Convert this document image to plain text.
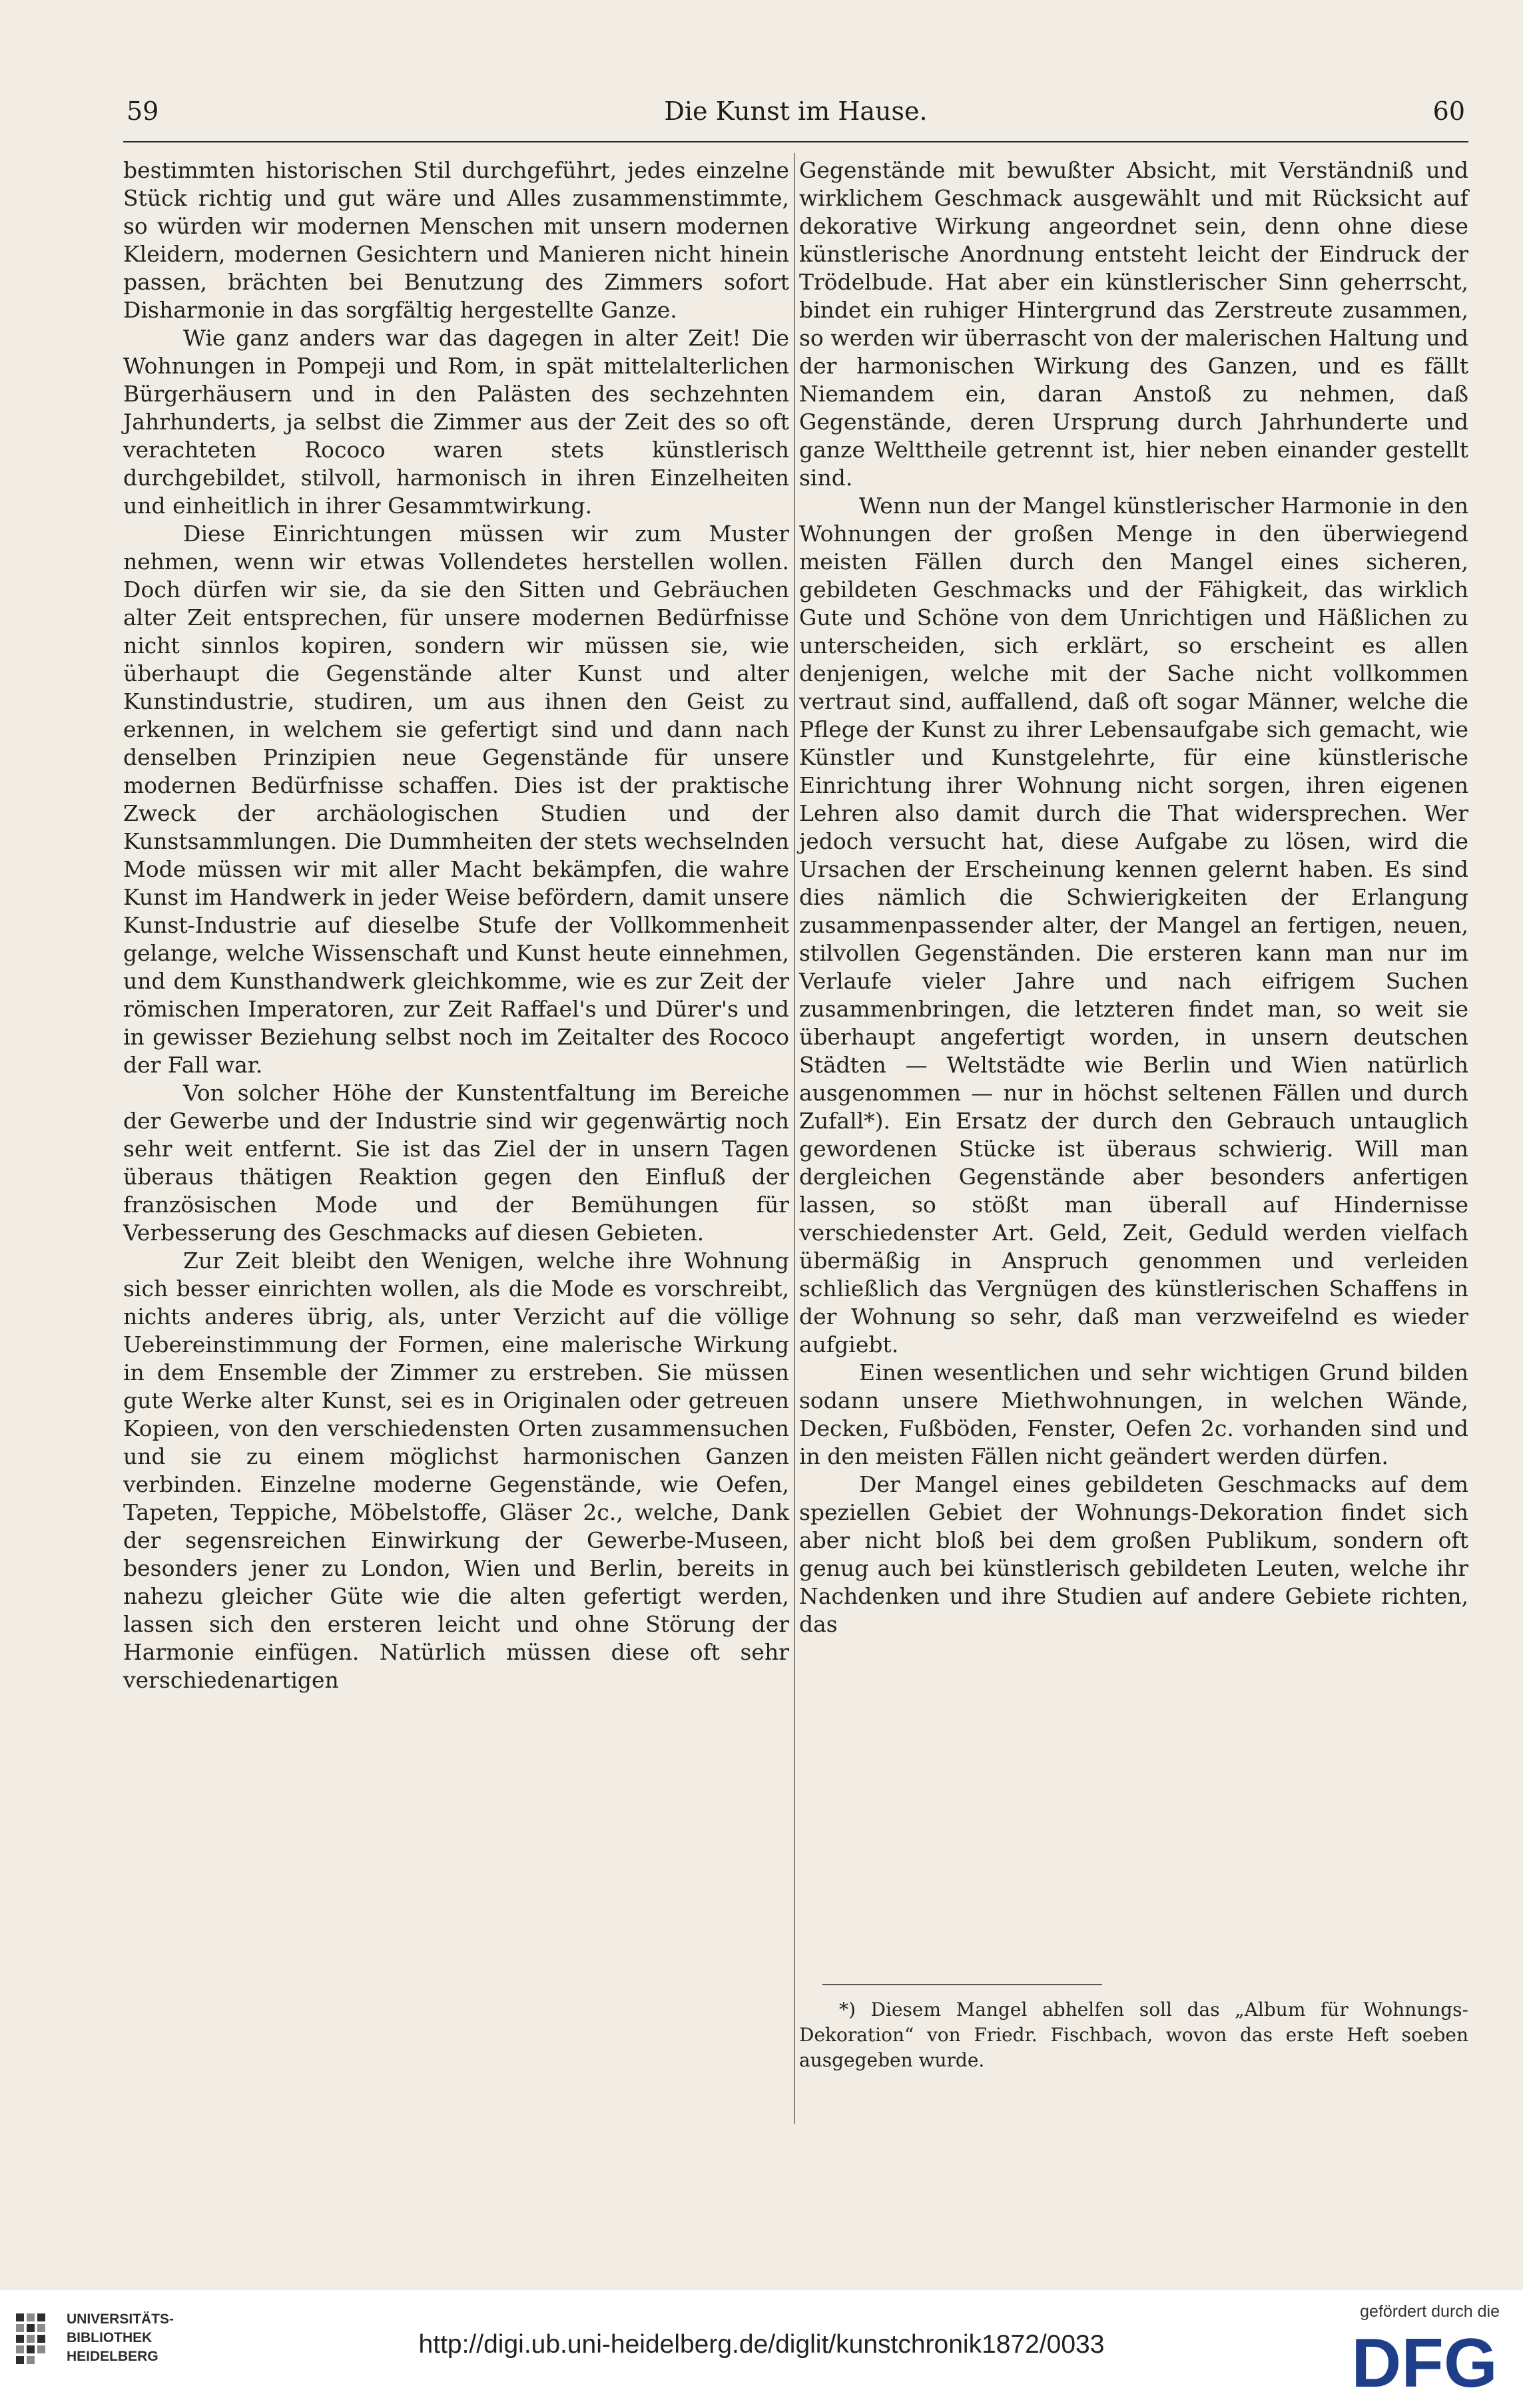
59	Die Kunst im Hause.	60

bestimmten historischen Stil durchgeführt, jedes einzelne Stück richtig und gut wäre und Alles zusammenstimmte, so würden wir modernen Menschen mit unsern modernen Kleidern, modernen Gesichtern und Manieren nicht hinein passen, brächten bei Benutzung des Zimmers sofort Disharmonie in das sorgfältig hergestellte Ganze.

Wie ganz anders war das dagegen in alter Zeit! Die Wohnungen in Pompeji und Rom, in spät mittelalterlichen Bürgerhäusern und in den Palästen des sechzehnten Jahrhunderts, ja selbst die Zimmer aus der Zeit des so oft verachteten Rococo waren stets künstlerisch durchgebildet, stilvoll, harmonisch in ihren Einzelheiten und einheitlich in ihrer Gesammtwirkung.

Diese Einrichtungen müssen wir zum Muster nehmen, wenn wir etwas Vollendetes herstellen wollen. Doch dürfen wir sie, da sie den Sitten und Gebräuchen alter Zeit entsprechen, für unsere modernen Bedürfnisse nicht sinnlos kopiren, sondern wir müssen sie, wie überhaupt die Gegenstände alter Kunst und alter Kunstindustrie, studiren, um aus ihnen den Geist zu erkennen, in welchem sie gefertigt sind und dann nach denselben Prinzipien neue Gegenstände für unsere modernen Bedürfnisse schaffen. Dies ist der praktische Zweck der archäologischen Studien und der Kunstsammlungen. Die Dummheiten der stets wechselnden Mode müssen wir mit aller Macht bekämpfen, die wahre Kunst im Handwerk in jeder Weise befördern, damit unsere Kunst-Industrie auf dieselbe Stufe der Vollkommenheit gelange, welche Wissenschaft und Kunst heute einnehmen, und dem Kunsthandwerk gleichkomme, wie es zur Zeit der römischen Imperatoren, zur Zeit Raffael's und Dürer's und in gewisser Beziehung selbst noch im Zeitalter des Rococo der Fall war.

Von solcher Höhe der Kunstentfaltung im Bereiche der Gewerbe und der Industrie sind wir gegenwärtig noch sehr weit entfernt. Sie ist das Ziel der in unsern Tagen überaus thätigen Reaktion gegen den Einfluß der französischen Mode und der Bemühungen für Verbesserung des Geschmacks auf diesen Gebieten.

Zur Zeit bleibt den Wenigen, welche ihre Wohnung sich besser einrichten wollen, als die Mode es vorschreibt, nichts anderes übrig, als, unter Verzicht auf die völlige Uebereinstimmung der Formen, eine malerische Wirkung in dem Ensemble der Zimmer zu erstreben. Sie müssen gute Werke alter Kunst, sei es in Originalen oder getreuen Kopieen, von den verschiedensten Orten zusammensuchen und sie zu einem möglichst harmonischen Ganzen verbinden. Einzelne moderne Gegenstände, wie Oefen, Tapeten, Teppiche, Möbelstoffe, Gläser 2c., welche, Dank der segensreichen Einwirkung der Gewerbe-Museen, besonders jener zu London, Wien und Berlin, bereits in nahezu gleicher Güte wie die alten gefertigt werden, lassen sich den ersteren leicht und ohne Störung der Harmonie einfügen. Natürlich müssen diese oft sehr verschiedenartigen

Gegenstände mit bewußter Absicht, mit Verständniß und wirklichem Geschmack ausgewählt und mit Rücksicht auf dekorative Wirkung angeordnet sein, denn ohne diese künstlerische Anordnung entsteht leicht der Eindruck der Trödelbude. Hat aber ein künstlerischer Sinn geherrscht, bindet ein ruhiger Hintergrund das Zerstreute zusammen, so werden wir überrascht von der malerischen Haltung und der harmonischen Wirkung des Ganzen, und es fällt Niemandem ein, daran Anstoß zu nehmen, daß Gegenstände, deren Ursprung durch Jahrhunderte und ganze Welttheile getrennt ist, hier neben einander gestellt sind.

Wenn nun der Mangel künstlerischer Harmonie in den Wohnungen der großen Menge in den überwiegend meisten Fällen durch den Mangel eines sicheren, gebildeten Geschmacks und der Fähigkeit, das wirklich Gute und Schöne von dem Unrichtigen und Häßlichen zu unterscheiden, sich erklärt, so erscheint es allen denjenigen, welche mit der Sache nicht vollkommen vertraut sind, auffallend, daß oft sogar Männer, welche die Pflege der Kunst zu ihrer Lebensaufgabe sich gemacht, wie Künstler und Kunstgelehrte, für eine künstlerische Einrichtung ihrer Wohnung nicht sorgen, ihren eigenen Lehren also damit durch die That widersprechen. Wer jedoch versucht hat, diese Aufgabe zu lösen, wird die Ursachen der Erscheinung kennen gelernt haben. Es sind dies nämlich die Schwierigkeiten der Erlangung zusammenpassender alter, der Mangel an fertigen, neuen, stilvollen Gegenständen. Die ersteren kann man nur im Verlaufe vieler Jahre und nach eifrigem Suchen zusammenbringen, die letzteren findet man, so weit sie überhaupt angefertigt worden, in unsern deutschen Städten — Weltstädte wie Berlin und Wien natürlich ausgenommen — nur in höchst seltenen Fällen und durch Zufall*). Ein Ersatz der durch den Gebrauch untauglich gewordenen Stücke ist überaus schwierig. Will man dergleichen Gegenstände aber besonders anfertigen lassen, so stößt man überall auf Hindernisse verschiedenster Art. Geld, Zeit, Geduld werden vielfach übermäßig in Anspruch genommen und verleiden schließlich das Vergnügen des künstlerischen Schaffens in der Wohnung so sehr, daß man verzweifelnd es wieder aufgiebt.

Einen wesentlichen und sehr wichtigen Grund bilden sodann unsere Miethwohnungen, in welchen Wände, Decken, Fußböden, Fenster, Oefen 2c. vorhanden sind und in den meisten Fällen nicht geändert werden dürfen.

Der Mangel eines gebildeten Geschmacks auf dem speziellen Gebiet der Wohnungs-Dekoration findet sich aber nicht bloß bei dem großen Publikum, sondern oft genug auch bei künstlerisch gebildeten Leuten, welche ihr Nachdenken und ihre Studien auf andere Gebiete richten, das

*) Diesem Mangel abhelfen soll das „Album für Wohnungs-Dekoration“ von Friedr. Fischbach, wovon das erste Heft soeben ausgegeben wurde.

UNIVERSITÄTS-
BIBLIOTHEK
HEIDELBERG	http://digi.ub.uni-heidelberg.de/diglit/kunstchronik1872/0033
gefördert durch die
DFG
